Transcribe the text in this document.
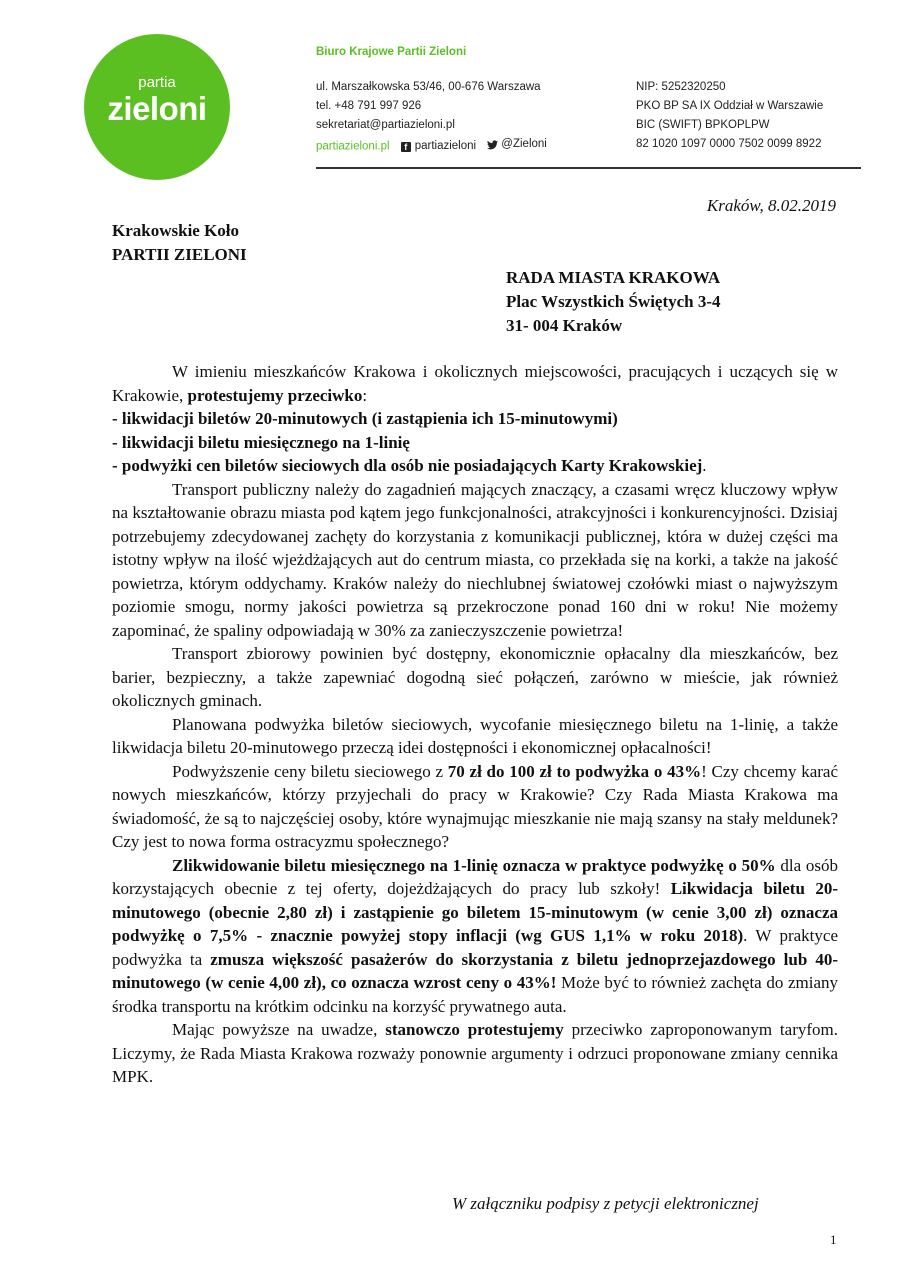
partia
zieloni
Biuro Krajowe Partii Zieloni
ul. Marszałkowska 53/46, 00-676 Warszawa
tel. +48 791 997 926
sekretariat@partiazieloni.pl
partiazieloni.pl	f partiazieloni
@Zieloni
NIP: 5252320250
PKO BP SA IX Oddział w Warszawie
BIC (SWIFT) BPKOPLPW
82 1020 1097 0000 7502 0099 8922
Kraków, 8.02.2019
Krakowskie Koło
PARTII ZIELONI
RADA MIASTA KRAKOWA
Plac Wszystkich Świętych 3-4
31- 004 Kraków

W imieniu mieszkańców Krakowa i okolicznych miejscowości, pracujących i uczących się w Krakowie, protestujemy przeciwko:

- likwidacji biletów 20-minutowych (i zastąpienia ich 15-minutowymi)

- likwidacji biletu miesięcznego na 1-linię

- podwyżki cen biletów sieciowych dla osób nie posiadających Karty Krakowskiej.

Transport publiczny należy do zagadnień mających znaczący, a czasami wręcz kluczowy wpływ na kształtowanie obrazu miasta pod kątem jego funkcjonalności, atrakcyjności i konkurencyjności. Dzisiaj potrzebujemy zdecydowanej zachęty do korzystania z komunikacji publicznej, która w dużej części ma istotny wpływ na ilość wjeżdżających aut do centrum miasta, co przekłada się na korki, a także na jakość powietrza, którym oddychamy. Kraków należy do niechlubnej światowej czołówki miast o najwyższym poziomie smogu, normy jakości powietrza są przekroczone ponad 160 dni w roku! Nie możemy zapominać, że spaliny odpowiadają w 30% za zanieczyszczenie powietrza!

Transport zbiorowy powinien być dostępny, ekonomicznie opłacalny dla mieszkańców, bez barier, bezpieczny, a także zapewniać dogodną sieć połączeń, zarówno w mieście, jak również okolicznych gminach.

Planowana podwyżka biletów sieciowych, wycofanie miesięcznego biletu na 1-linię, a także likwidacja biletu 20-minutowego przeczą idei dostępności i ekonomicznej opłacalności!

Podwyższenie ceny biletu sieciowego z 70 zł do 100 zł to podwyżka o 43%! Czy chcemy karać nowych mieszkańców, którzy przyjechali do pracy w Krakowie? Czy Rada Miasta Krakowa ma świadomość, że są to najczęściej osoby, które wynajmując mieszkanie nie mają szansy na stały meldunek? Czy jest to nowa forma ostracyzmu społecznego?

Zlikwidowanie biletu miesięcznego na 1-linię oznacza w praktyce podwyżkę o 50% dla osób korzystających obecnie z tej oferty, dojeżdżających do pracy lub szkoły! Likwidacja biletu 20-minutowego (obecnie 2,80 zł) i zastąpienie go biletem 15-minutowym (w cenie 3,00 zł) oznacza podwyżkę o 7,5% - znacznie powyżej stopy inflacji (wg GUS 1,1% w roku 2018). W praktyce podwyżka ta zmusza większość pasażerów do skorzystania z biletu jednoprzejazdowego lub 40-minutowego (w cenie 4,00 zł), co oznacza wzrost ceny o 43%! Może być to również zachęta do zmiany środka transportu na krótkim odcinku na korzyść prywatnego auta.

Mając powyższe na uwadze, stanowczo protestujemy przeciwko zaproponowanym taryfom. Liczymy, że Rada Miasta Krakowa rozważy ponownie argumenty i odrzuci proponowane zmiany cennika MPK.

W załączniku podpisy z petycji elektronicznej
1
